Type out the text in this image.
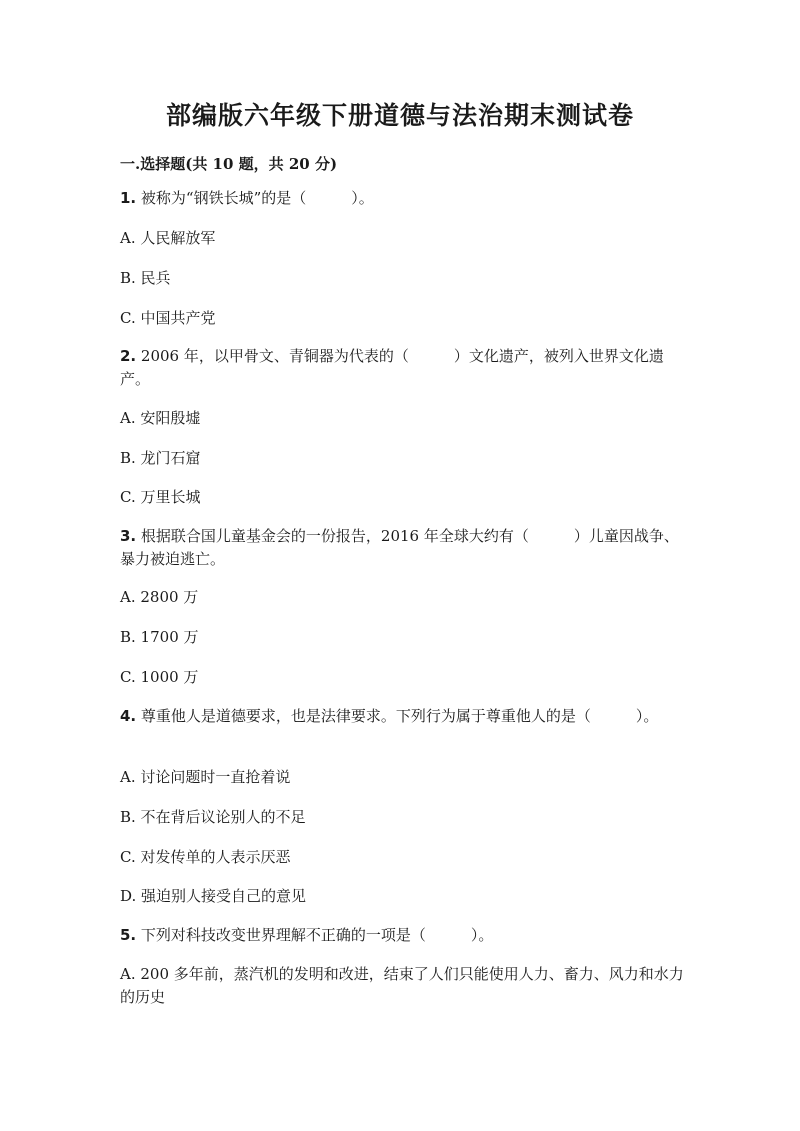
部编版六年级下册道德与法治期末测试卷
一.选择题(共 10 题，共 20 分)
1. 被称为“钢铁长城”的是（　　　）。
A. 人民解放军
B. 民兵
C. 中国共产党
2. 2006 年，以甲骨文、青铜器为代表的（　　　）文化遗产，被列入世界文化遗产。
A. 安阳殷墟
B. 龙门石窟
C. 万里长城
3. 根据联合国儿童基金会的一份报告，2016 年全球大约有（　　　）儿童因战争、暴力被迫逃亡。
A. 2800 万
B. 1700 万
C. 1000 万
4. 尊重他人是道德要求，也是法律要求。下列行为属于尊重他人的是（　　　）。
A. 讨论问题时一直抢着说
B. 不在背后议论别人的不足
C. 对发传单的人表示厌恶
D. 强迫别人接受自己的意见
5. 下列对科技改变世界理解不正确的一项是（　　　）。
A. 200 多年前，蒸汽机的发明和改进，结束了人们只能使用人力、畜力、风力和水力的历史
